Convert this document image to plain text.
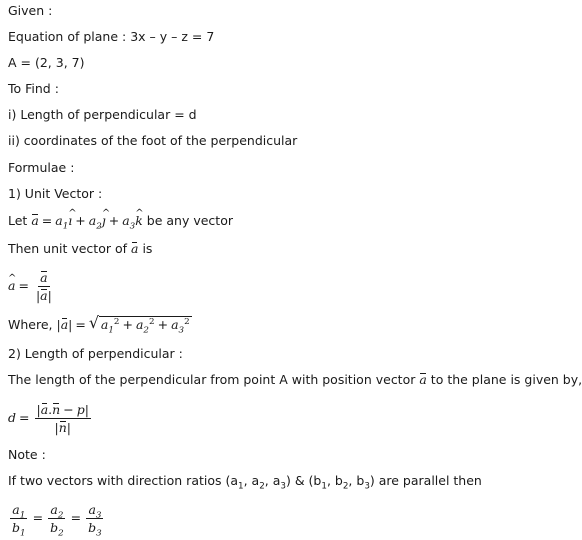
Given :
Equation of plane : 3x – y – z = 7
A = (2, 3, 7)
To Find :
i) Length of perpendicular = d
ii) coordinates of the foot of the perpendicular
Formulae :
1) Unit Vector :
Let $a = a_1\^{}$ ı + $a_2\^{}$ ȷ + $a_3\^{}$ k be any vector
Then unit vector of a is
^ $a = \frac{a}{|a|}$
Where, |a| = √ $a_1^2 + a_2^2 + a_3^2$
2) Length of perpendicular :
The length of the perpendicular from point A with position vector a to the plane is given by,
$d = \frac{|a.n - p|}{|n|}$
Note :
If two vectors with direction ratios ($a_1$, $a_2$, $a_3$) & ($b_1$, $b_2$, $b_3$) are parallel then
$\frac{a_1}{b_1} = \frac{a_2}{b_2} = \frac{a_3}{b_3}$
